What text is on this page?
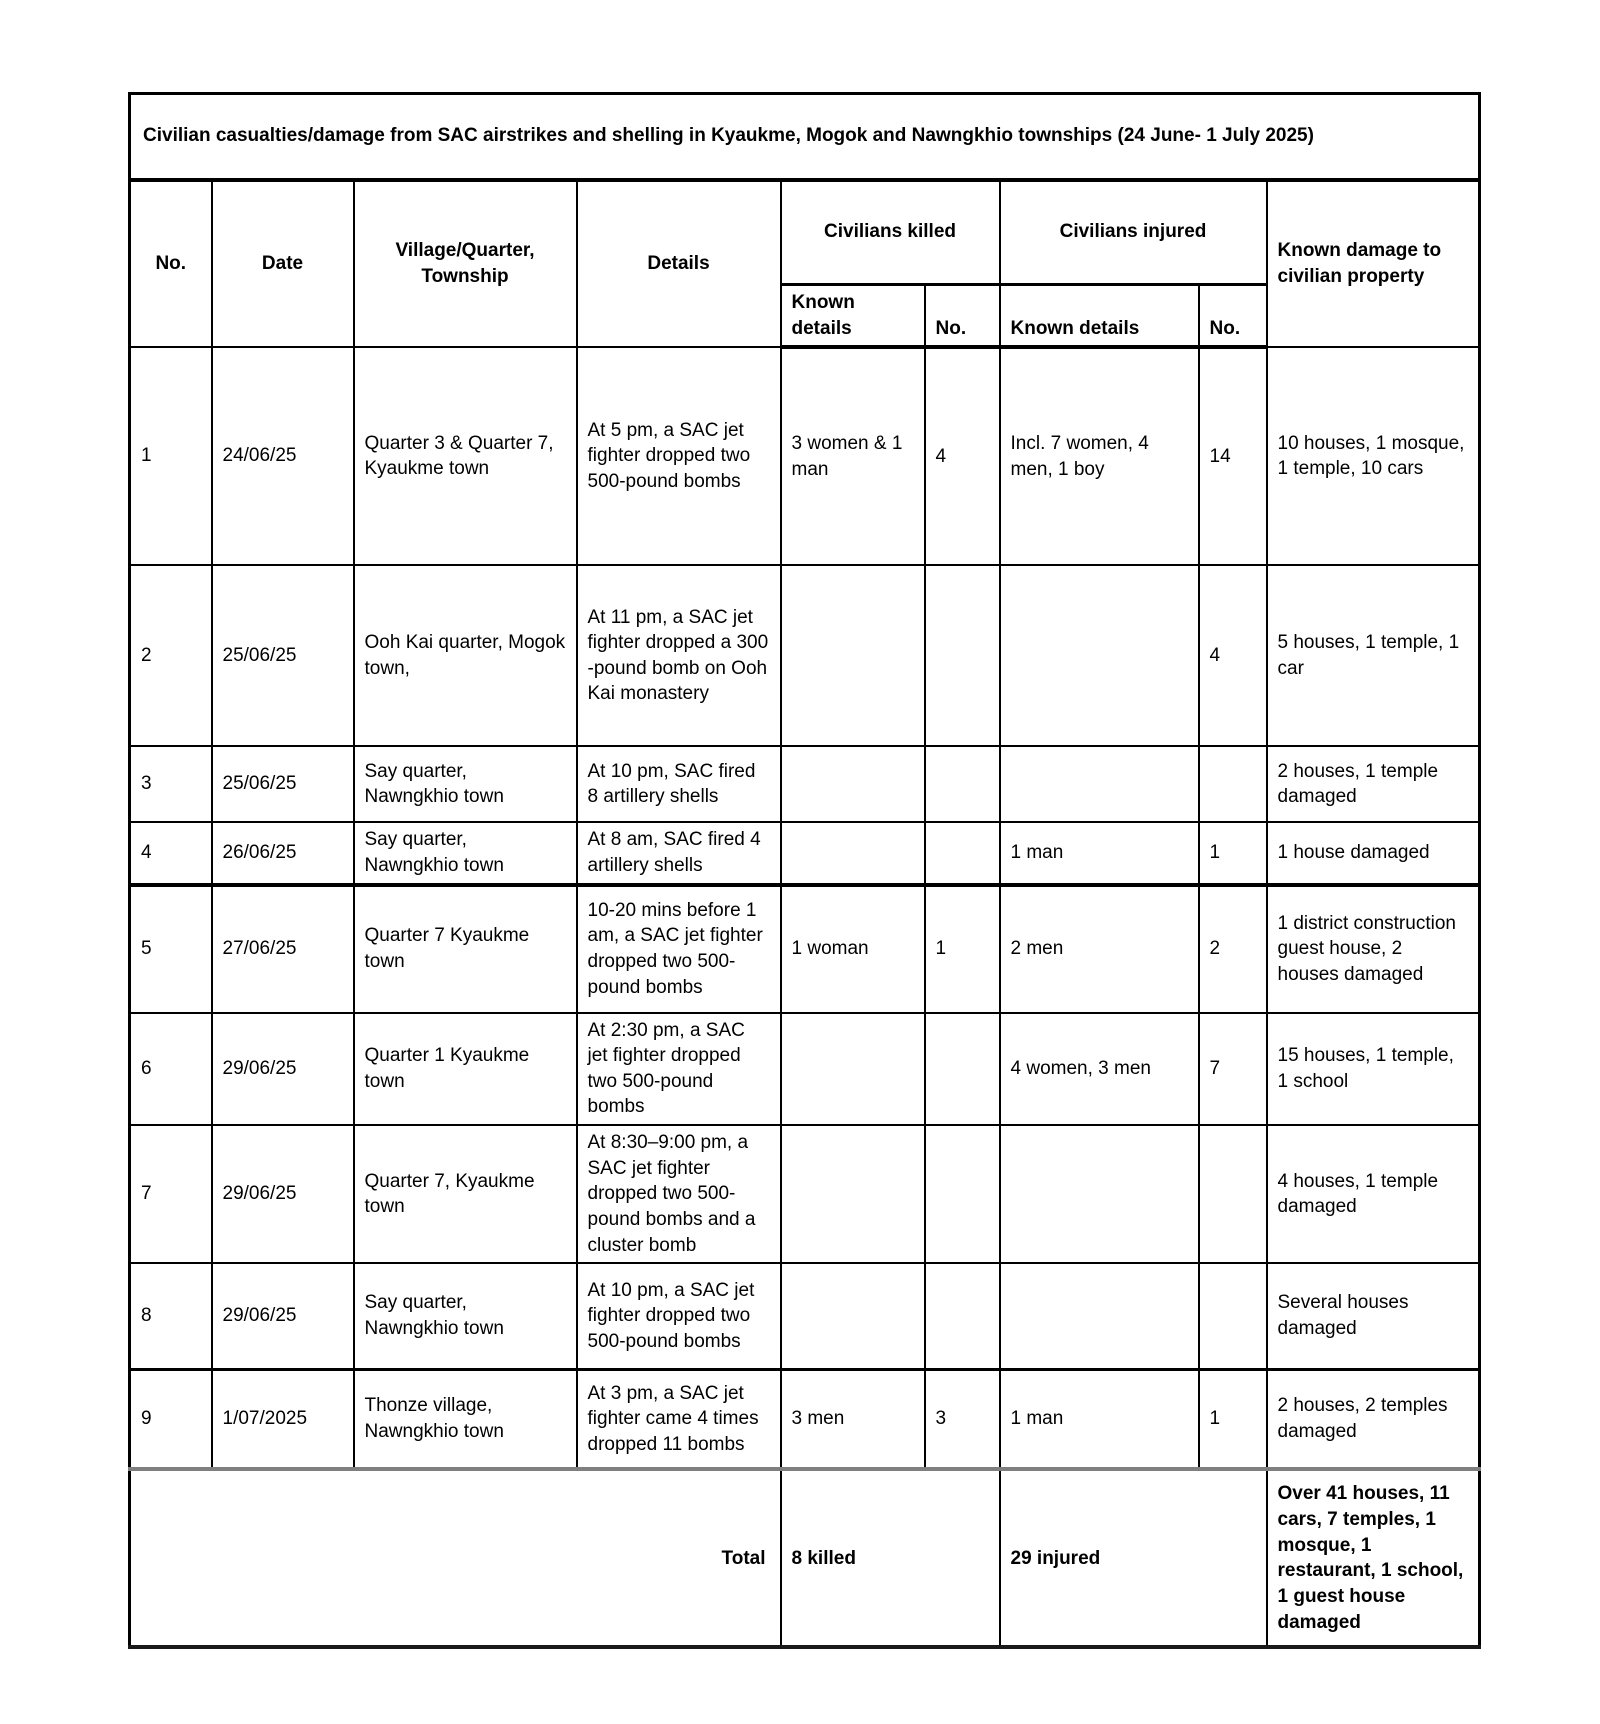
Civilian casualties/damage from SAC airstrikes and shelling in Kyaukme, Mogok and Nawngkhio townships (24 June- 1 July 2025)								
No.	Date	Village/Quarter, Township	Details	Civilians killed		Civilians injured		Known damage to civilian property
				Known details	No.	Known details	No.	
1	24/06/25	Quarter 3 & Quarter 7, Kyaukme town	At 5 pm, a SAC jet fighter dropped two 500-pound bombs	3 women & 1 man	4	Incl. 7 women, 4 men, 1 boy	14	10 houses, 1 mosque, 1 temple, 10 cars
2	25/06/25	Ooh Kai quarter, Mogok town,	At 11 pm, a SAC jet fighter dropped a 300 -pound bomb on Ooh Kai monastery				4	5 houses, 1 temple, 1 car
3	25/06/25	Say quarter, Nawngkhio town	At 10 pm, SAC fired 8 artillery shells					2 houses, 1 temple damaged
4	26/06/25	Say quarter, Nawngkhio town	At 8 am, SAC fired 4 artillery shells			1 man	1	1 house damaged
5	27/06/25	Quarter 7 Kyaukme town	10-20 mins before 1 am, a SAC jet fighter dropped two 500-pound bombs	1 woman	1	2 men	2	1 district construction guest house, 2 houses damaged
6	29/06/25	Quarter 1 Kyaukme town	At 2:30 pm, a SAC jet fighter dropped two 500-pound bombs			4 women, 3 men	7	15 houses, 1 temple, 1 school
7	29/06/25	Quarter 7, Kyaukme town	At 8:30–9:00 pm, a SAC jet fighter dropped two 500-pound bombs and a cluster bomb					4 houses, 1 temple damaged
8	29/06/25	Say quarter, Nawngkhio town	At 10 pm, a SAC jet fighter dropped two 500-pound bombs					Several houses damaged
9	1/07/2025	Thonze village, Nawngkhio town	At 3 pm, a SAC jet fighter came 4 times dropped 11 bombs	3 men	3	1 man	1	2 houses, 2 temples damaged
Total				8 killed		29 injured		Over 41 houses, 11 cars, 7 temples, 1 mosque, 1 restaurant, 1 school, 1 guest house damaged
